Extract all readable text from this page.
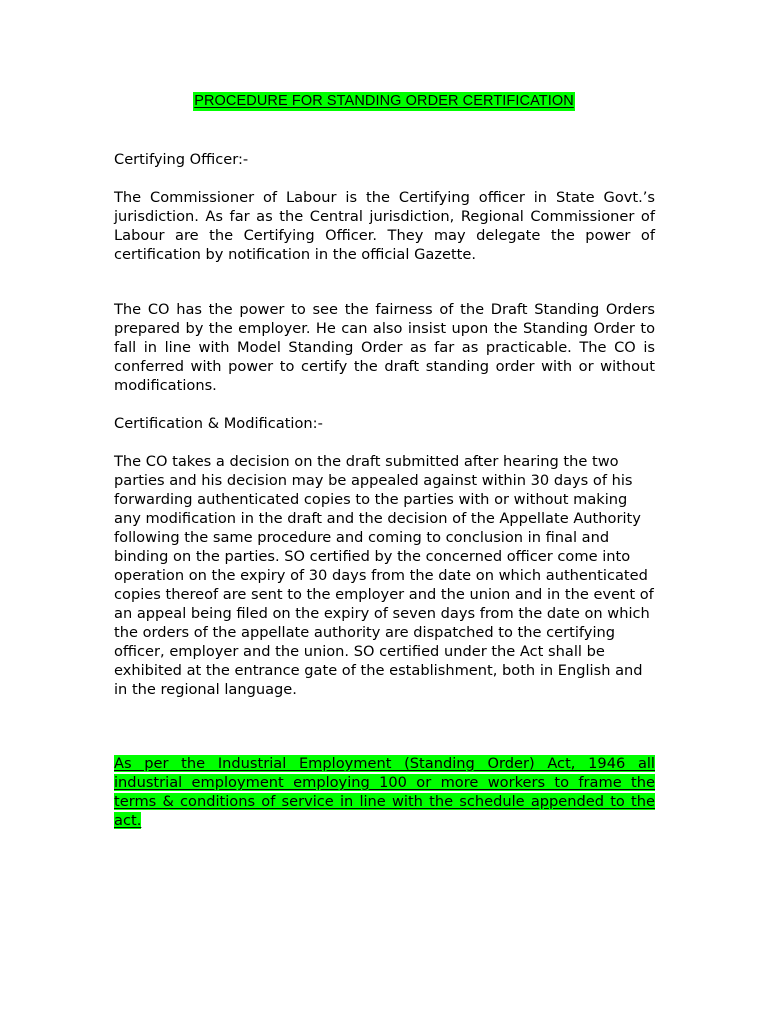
PROCEDURE FOR STANDING ORDER CERTIFICATION

Certifying Officer:-

The Commissioner of Labour is the Certifying officer in State Govt.’s jurisdiction. As far as the Central jurisdiction, Regional Commissioner of Labour are the Certifying Officer. They may delegate the power of certification by notification in the official Gazette.

The CO has the power to see the fairness of the Draft Standing Orders prepared by the employer. He can also insist upon the Standing Order to fall in line with Model Standing Order as far as practicable. The CO is conferred with power to certify the draft standing order with or without modifications.

Certification & Modification:-

The CO takes a decision on the draft submitted after hearing the two parties and his decision may be appealed against within 30 days of his forwarding authenticated copies to the parties with or without making any modification in the draft and the decision of the Appellate Authority following the same procedure and coming to conclusion in final and binding on the parties. SO certified by the concerned officer come into operation on the expiry of 30 days from the date on which authenticated copies thereof are sent to the employer and the union and in the event of an appeal being filed on the expiry of seven days from the date on which the orders of the appellate authority are dispatched to the certifying officer, employer and the union. SO certified under the Act shall be exhibited at the entrance gate of the establishment, both in English and in the regional language.

As per the Industrial Employment (Standing Order) Act, 1946 all industrial employment employing 100 or more workers to frame the terms & conditions of service in line with the schedule appended to the act.
